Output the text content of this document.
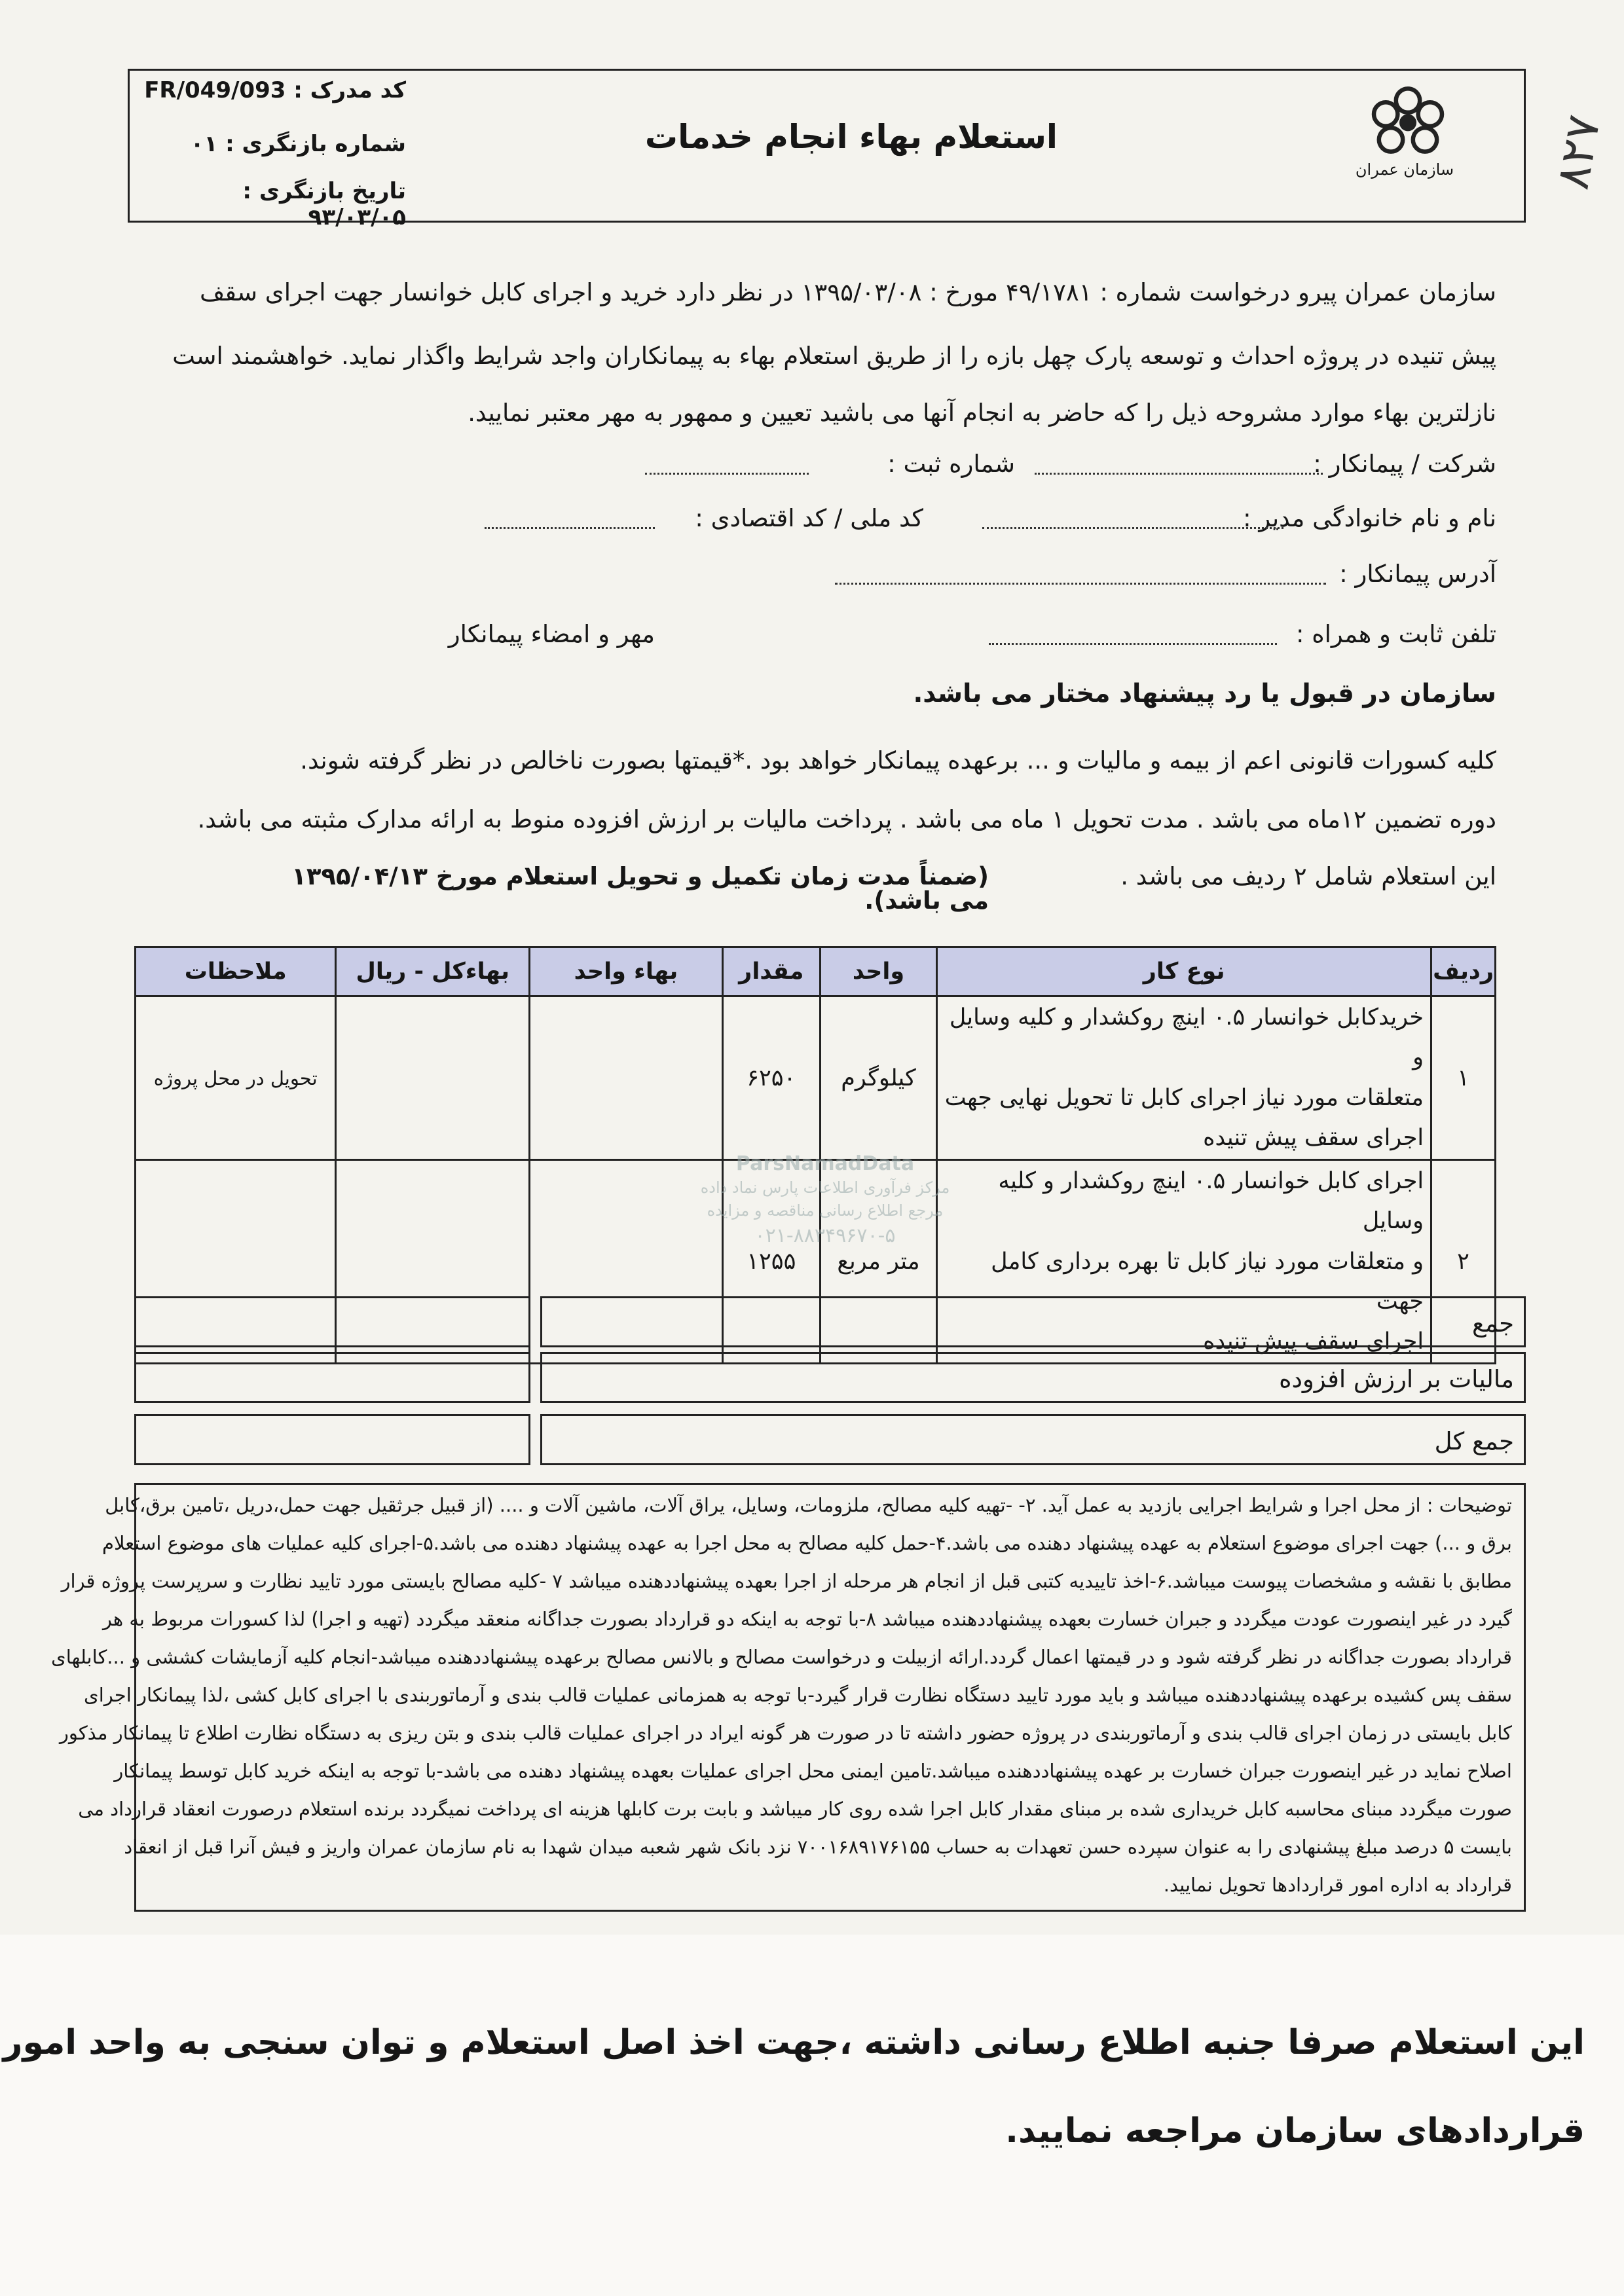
کد مدرک : FR/049/093
شماره بازنگری : ۰۱
تاریخ بازنگری : ۹۳/۰۳/۰۵
استعلام بهاء انجام خدمات
سازمان عمران ۸۲۷
سازمان عمران پیرو درخواست شماره : ۴۹/۱۷۸۱ مورخ : ۱۳۹۵/۰۳/۰۸ در نظر دارد خرید و اجرای کابل خوانسار جهت اجرای سقف
پیش تنیده در پروژه احداث و توسعه پارک چهل بازه را از طریق استعلام بهاء به پیمانکاران واجد شرایط واگذار نماید. خواهشمند است
نازلترین بهاء موارد مشروحه ذیل را که حاضر به انجام آنها می باشید تعیین و ممهور به مهر معتبر نمایید.
شرکت / پیمانکار :
شماره ثبت :
نام و نام خانوادگی مدیر :
کد ملی / کد اقتصادی :
آدرس پیمانکار :
تلفن ثابت و همراه :
مهر و امضاء پیمانکار
سازمان در قبول یا رد پیشنهاد مختار می باشد.
کلیه کسورات قانونی اعم از بیمه و مالیات و ... برعهده پیمانکار خواهد بود .*قیمتها بصورت ناخالص در نظر گرفته شوند.
دوره تضمین ۱۲ماه می باشد . مدت تحویل ۱ ماه می باشد . پرداخت مالیات بر ارزش افزوده منوط به ارائه مدارک مثبته می باشد.
این استعلام شامل ۲ ردیف می باشد .
(ضمناً مدت زمان تکمیل و تحویل استعلام مورخ ۱۳۹۵/۰۴/۱۳ می باشد).
ردیف	نوع کار	واحد	مقدار	بهاء واحد	بهاءکل - ریال	ملاحظات
۱	خریدکابل خوانسار ۰.۵ اینچ روکشدار و کلیه وسایل و
متعلقات مورد نیاز اجرای کابل تا تحویل نهایی جهت
اجرای سقف پیش تنیده	کیلوگرم	۶۲۵۰			تحویل در محل پروژه
۲	اجرای کابل خوانسار ۰.۵ اینچ روکشدار و کلیه وسایل
و متعلقات مورد نیاز کابل تا بهره برداری کامل جهت
اجرای سقف پیش تنیده	متر مربع	۱۲۵۵			
ParsNamadData
مرکز فرآوری اطلاعات پارس نماد داده
مرجع اطلاع رسانی مناقصه و مزایده
۰۲۱-۸۸۳۴۹۶۷۰-۵
جمع
مالیات بر ارزش افزوده
جمع کل
توضیحات : از محل اجرا و شرایط اجرایی بازدید به عمل آید. ۲- -تهیه کلیه مصالح، ملزومات، وسایل، یراق آلات، ماشین آلات و .... (از قبیل جرثقیل جهت حمل،دریل ،تامین برق،کابل
برق و ...) جهت اجرای موضوع استعلام به عهده پیشنهاد دهنده می باشد.۴-حمل کلیه مصالح به محل اجرا به عهده پیشنهاد دهنده می باشد.۵-اجرای کلیه عملیات های موضوع استعلام
مطابق با نقشه و مشخصات پیوست میباشد.۶-اخذ تاییدیه کتبی قبل از انجام هر مرحله از اجرا بعهده پیشنهاددهنده میباشد ۷ -کلیه مصالح بایستی مورد تایید نظارت و سرپرست پروژه قرار
گیرد در غیر اینصورت عودت میگردد و جبران خسارت بعهده پیشنهاددهنده میباشد ۸-با توجه به اینکه دو قرارداد بصورت جداگانه منعقد میگردد (تهیه و اجرا) لذا کسورات مربوط به هر
قرارداد بصورت جداگانه در نظر گرفته شود و در قیمتها اعمال گردد.ارائه ازبیلت و درخواست مصالح و بالانس مصالح برعهده پیشنهاددهنده میباشد-انجام کلیه آزمایشات کششی و ...کابلهای
سقف پس کشیده برعهده پیشنهاددهنده میباشد و باید مورد تایید دستگاه نظارت قرار گیرد-با توجه به همزمانی عملیات قالب بندی و آرماتوربندی با اجرای کابل کشی ،لذا پیمانکار اجرای
کابل بایستی در زمان اجرای قالب بندی و آرماتوربندی در پروژه حضور داشته تا در صورت هر گونه ایراد در اجرای عملیات قالب بندی و بتن ریزی به دستگاه نظارت اطلاع تا پیمانکار مذکور
اصلاح نماید در غیر اینصورت جبران خسارت بر عهده پیشنهاددهنده میباشد.تامین ایمنی محل اجرای عملیات بعهده پیشنهاد دهنده می باشد-با توجه به اینکه خرید کابل توسط پیمانکار
صورت میگردد مبنای محاسبه کابل خریداری شده بر مبنای مقدار کابل اجرا شده روی کار میباشد و بابت برت کابلها هزینه ای پرداخت نمیگردد برنده استعلام درصورت انعقاد قرارداد می
بایست ۵ درصد مبلغ پیشنهادی را به عنوان سپرده حسن تعهدات به حساب ۷۰۰۱۶۸۹۱۷۶۱۵۵ نزد بانک شهر شعبه میدان شهدا به نام سازمان عمران واریز و فیش آنرا قبل از انعقاد
قرارداد به اداره امور قراردادها تحویل نمایید.
این استعلام صرفا جنبه اطلاع رسانی داشته ،جهت اخذ اصل استعلام و توان سنجی به واحد امور
قراردادهای سازمان مراجعه نمایید.
